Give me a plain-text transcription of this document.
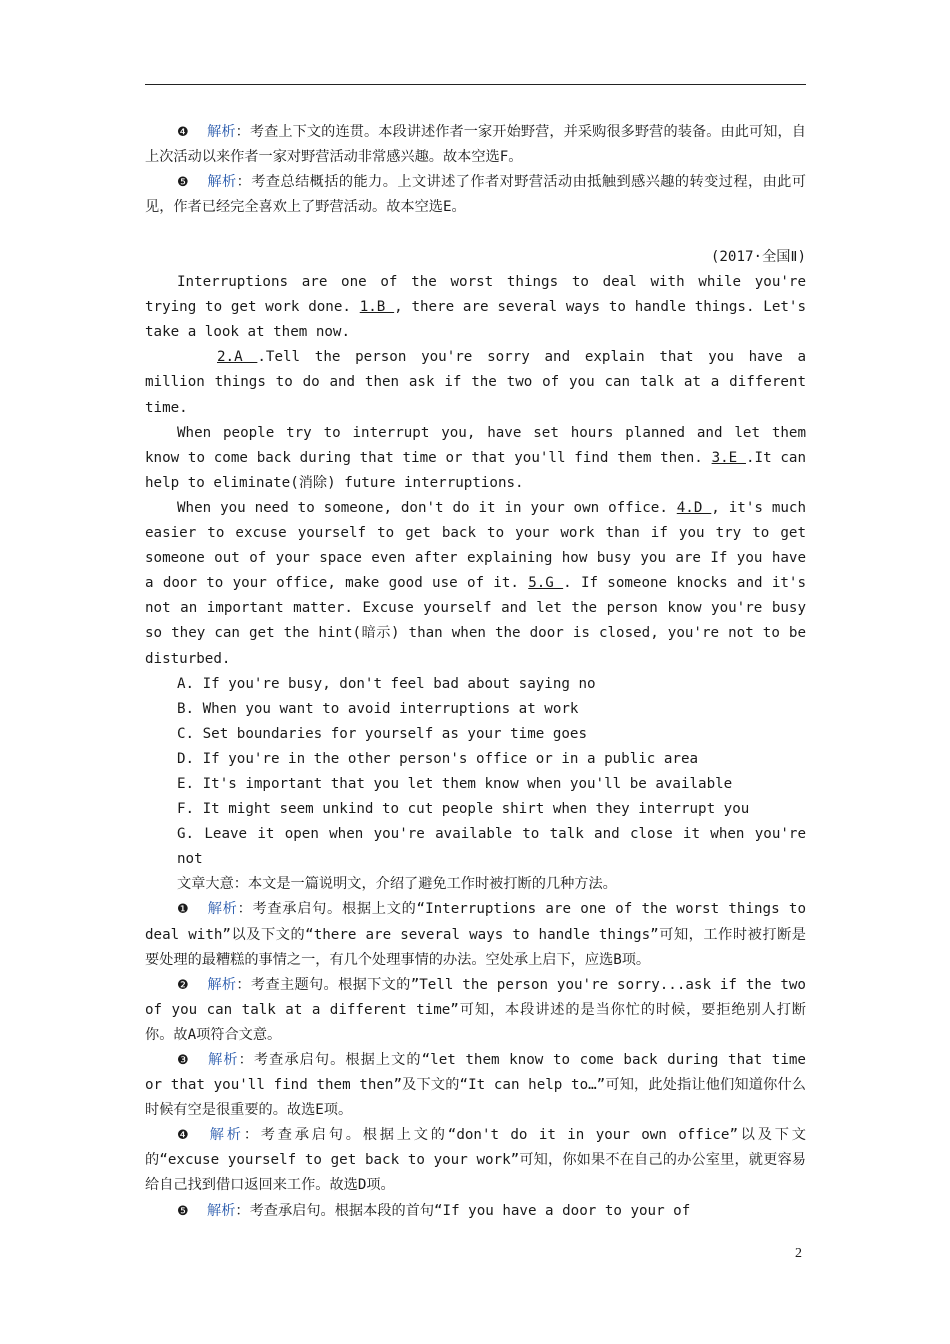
❹ 解析：考查上下文的连贯。本段讲述作者一家开始野营，并采购很多野营的装备。由此可知，自上次活动以来作者一家对野营活动非常感兴趣。故本空选F。

❺ 解析：考查总结概括的能力。上文讲述了作者对野营活动由抵触到感兴趣的转变过程，由此可见，作者已经完全喜欢上了野营活动。故本空选E。

(2017·全国Ⅱ)

Interruptions are one of the worst things to deal with while you're trying to get work done. 1.B , there are several ways to handle things. Let's take a look at them now.

2.A .Tell the person you're sorry and explain that you have a million things to do and then ask if the two of you can talk at a different time.

When people try to interrupt you, have set hours planned and let them know to come back during that time or that you'll find them then. 3.E .It can help to eliminate(消除) future interruptions.

When you need to someone, don't do it in your own office. 4.D , it's much easier to excuse yourself to get back to your work than if you try to get someone out of your space even after explaining how busy you are If you have a door to your office, make good use of it. 5.G . If someone knocks and it's not an important matter. Excuse yourself and let the person know you're busy so they can get the hint(暗示) than when the door is closed, you're not to be disturbed.

A. If you're busy, don't feel bad about saying no

B. When you want to avoid interruptions at work

C. Set boundaries for yourself as your time goes

D. If you're in the other person's office or in a public area

E. It's important that you let them know when you'll be available

F. It might seem unkind to cut people shirt when they interrupt you

G. Leave it open when you're available to talk and close it when you're not

文章大意：本文是一篇说明文，介绍了避免工作时被打断的几种方法。

❶ 解析：考查承启句。根据上文的“Interruptions are one of the worst things to deal with”以及下文的“there are several ways to handle things”可知，工作时被打断是要处理的最糟糕的事情之一，有几个处理事情的办法。空处承上启下，应选B项。

❷ 解析：考查主题句。根据下文的”Tell the person you're sorry...ask if the two of you can talk at a different time”可知，本段讲述的是当你忙的时候，要拒绝别人打断你。故A项符合文意。

❸ 解析：考查承启句。根据上文的“let them know to come back during that time or that you'll find them then”及下文的“It can help to…”可知，此处指让他们知道你什么时候有空是很重要的。故选E项。

❹ 解析：考查承启句。根据上文的“don't do it in your own office”以及下文的“excuse yourself to get back to your work”可知，你如果不在自己的办公室里，就更容易给自己找到借口返回来工作。故选D项。

❺ 解析：考查承启句。根据本段的首句“If you have a door to your of

2
